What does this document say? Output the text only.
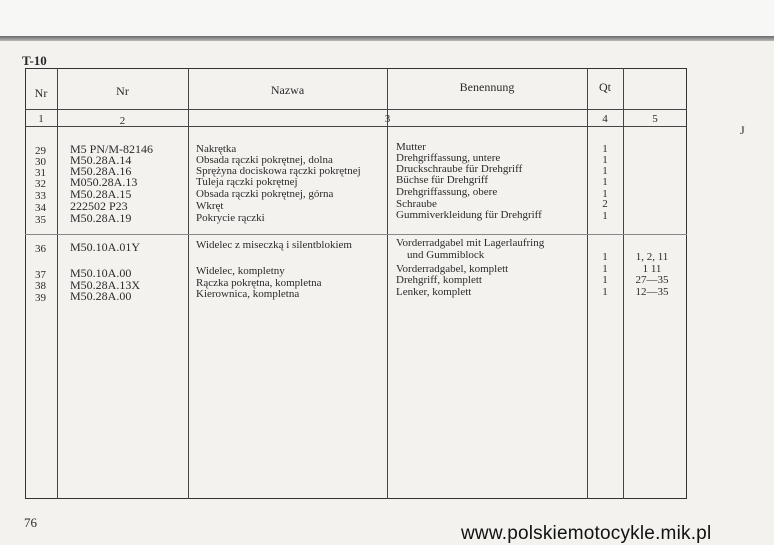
T-10
J
Nr	Nr	Nazwa	Benennung	Qt
1	2	3	4	5
29 M5 PN/M-82146	Nakrętka	Mutter	1
30 M50.28A.14	Obsada rączki pokrętnej, dolna	Drehgriffassung, untere	1
31 M50.28A.16	Sprężyna dociskowa rączki pokrętnej	Druckschraube für Drehgriff	1
32 M050.28A.13	Tuleja rączki pokrętnej	Büchse für Drehgriff	1
33 M50.28A.15	Obsada rączki pokrętnej, górna	Drehgriffassung, obere	1
34 222502 P23	Wkręt	Schraube	2
35 M50.28A.19	Pokrycie rączki	Gummiverkleidung für Drehgriff	1
36 M50.10A.01Y	Widelec z miseczką i silentblokiem	Vorderradgabel mit Lagerlaufring
und Gummiblock	1	1, 2, 11
37 M50.10A.00	Widelec, kompletny	Vorderradgabel, komplett	1	1 11
38 M50.28A.13X	Rączka pokrętna, kompletna	Drehgriff, komplett	1	27—35
39 M50.28A.00	Kierownica, kompletna	Lenker, komplett	1	12—35
76
www.polskiemotocykle.mik.pl
